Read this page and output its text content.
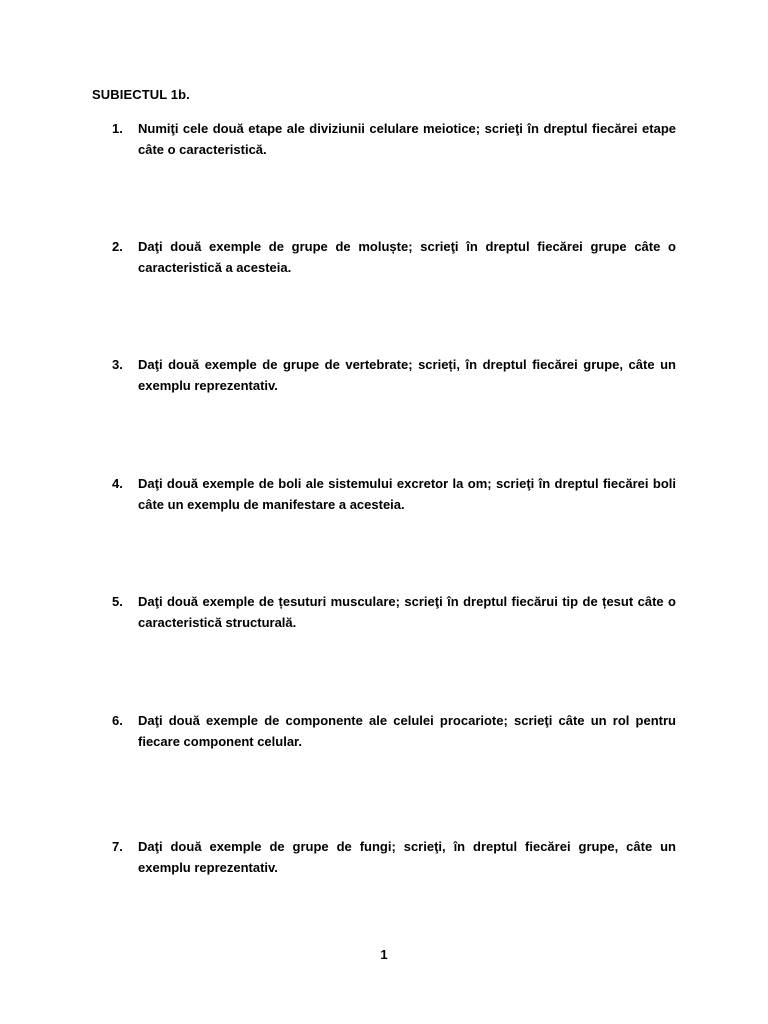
SUBIECTUL 1b.
1.	Numiţi cele două etape ale diviziunii celulare meiotice; scrieţi în dreptul fiecărei etape câte o caracteristică.
2.	Daţi două exemple de grupe de moluște; scrieţi în dreptul fiecărei grupe câte o caracteristică a acesteia.
3.	Daţi două exemple de grupe de vertebrate; scrieți, în dreptul fiecărei grupe, câte un exemplu reprezentativ.
4.	Daţi două exemple de boli ale sistemului excretor la om; scrieţi în dreptul fiecărei boli câte un exemplu de manifestare a acesteia.
5.	Daţi două exemple de țesuturi musculare; scrieţi în dreptul fiecărui tip de țesut câte o caracteristică structurală.
6.	Daţi două exemple de componente ale celulei procariote; scrieţi câte un rol pentru fiecare component celular.
7.	Daţi două exemple de grupe de fungi; scrieţi, în dreptul fiecărei grupe, câte un exemplu reprezentativ.
1
